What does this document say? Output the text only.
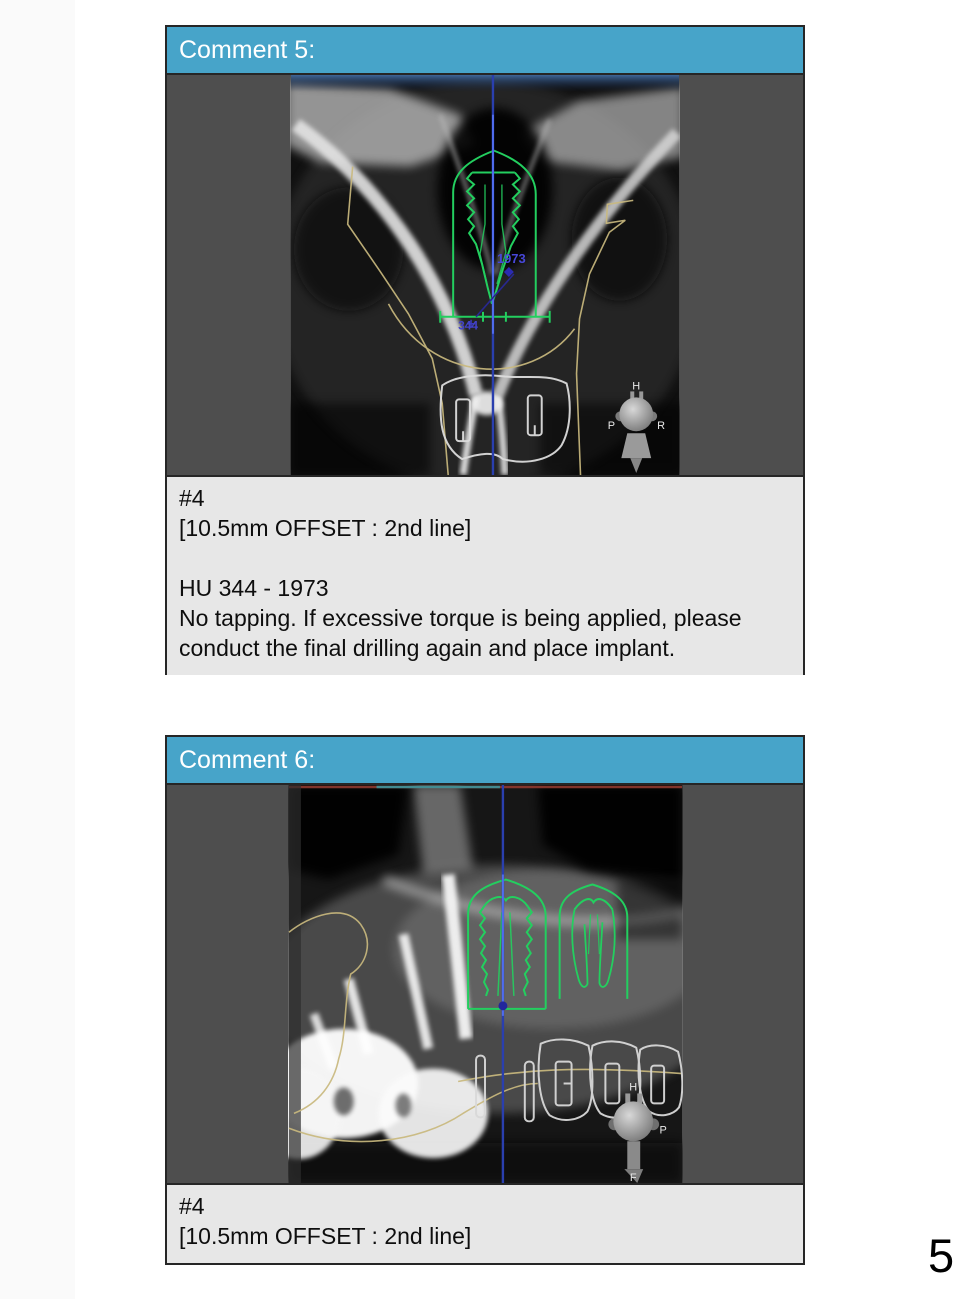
Comment 5:
1973
344
H
P	R
#4
[10.5mm OFFSET : 2nd line]
HU 344 - 1973
No tapping. If excessive torque is being applied, please conduct the final drilling again and place implant.
Comment 6:
H
P
F
#4
[10.5mm OFFSET : 2nd line]	5
